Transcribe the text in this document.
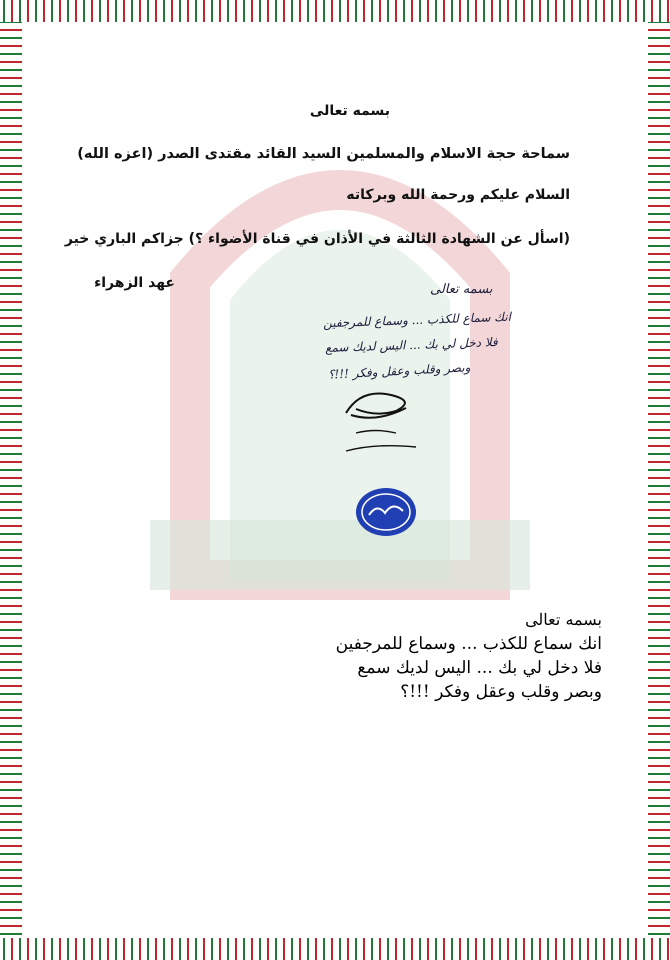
بسمه تعالى
سماحة حجة الاسلام والمسلمين السيد القائد مقتدى الصدر (اعزه الله)
السلام عليكم ورحمة الله وبركاته
(اسأل عن الشهادة الثالثة في الأذان في قناة الأضواء ؟) جزاكم الباري خير
عهد الزهراء	بسمه تعالى
انك سماع للكذب ... وسماع للمرجفين
فلا دخل لي بك ... اليس لديك سمع
وبصر وقلب وعقل وفكر !!!؟
بسمه تعالى
انك سماع للكذب ... وسماع للمرجفين
فلا دخل لي بك ... اليس لديك سمع
وبصر وقلب وعقل وفكر !!!؟
